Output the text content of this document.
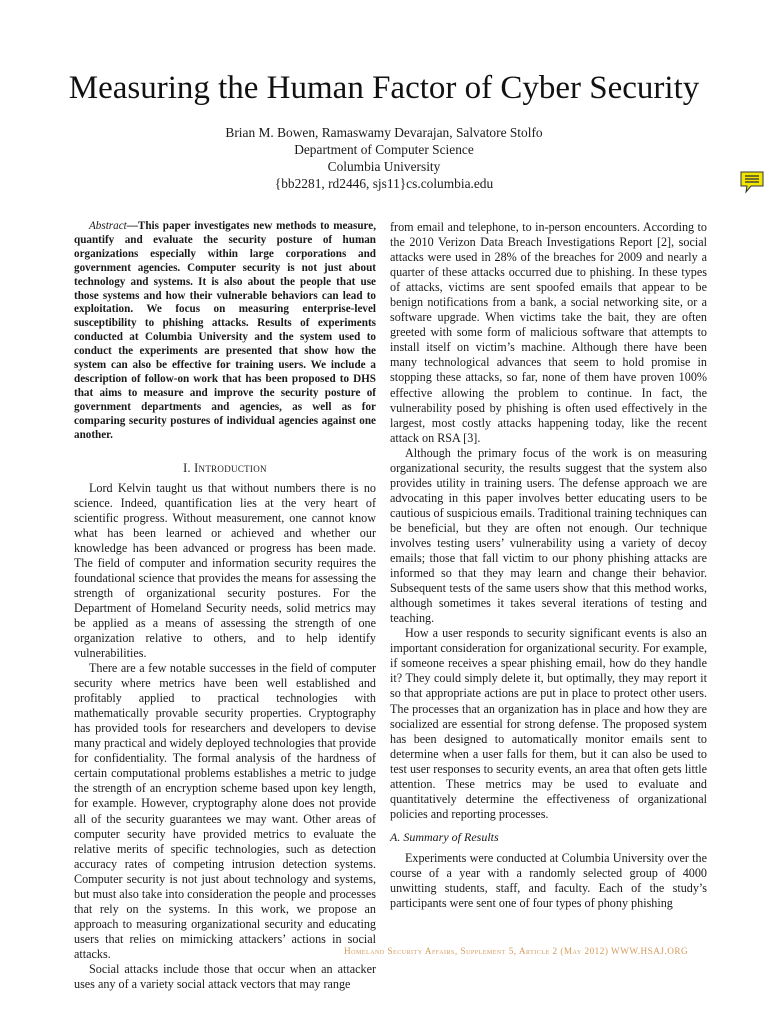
Measuring the Human Factor of Cyber Security
Brian M. Bowen, Ramaswamy Devarajan, Salvatore Stolfo
Department of Computer Science
Columbia University
{bb2281, rd2446, sjs11}cs.columbia.edu

Abstract—This paper investigates new methods to measure, quantify and evaluate the security posture of human organizations especially within large corporations and government agencies. Computer security is not just about technology and systems. It is also about the people that use those systems and how their vulnerable behaviors can lead to exploitation. We focus on measuring enterprise-level susceptibility to phishing attacks. Results of experiments conducted at Columbia University and the system used to conduct the experiments are presented that show how the system can also be effective for training users. We include a description of follow-on work that has been proposed to DHS that aims to measure and improve the security posture of government departments and agencies, as well as for comparing security postures of individual agencies against one another.

I. Introduction

Lord Kelvin taught us that without numbers there is no science. Indeed, quantification lies at the very heart of scientific progress. Without measurement, one cannot know what has been learned or achieved and whether our knowledge has been advanced or progress has been made. The field of computer and information security requires the foundational science that provides the means for assessing the strength of organizational security postures. For the Department of Homeland Security needs, solid metrics may be applied as a means of assessing the strength of one organization relative to others, and to help identify vulnerabilities.

There are a few notable successes in the field of computer security where metrics have been well established and profitably applied to practical technologies with mathematically provable security properties. Cryptography has provided tools for researchers and developers to devise many practical and widely deployed technologies that provide for confidentiality. The formal analysis of the hardness of certain computational problems establishes a metric to judge the strength of an encryption scheme based upon key length, for example. However, cryptography alone does not provide all of the security guarantees we may want. Other areas of computer security have provided metrics to evaluate the relative merits of specific technologies, such as detection accuracy rates of competing intrusion detection systems. Computer security is not just about technology and systems, but must also take into consideration the people and processes that rely on the systems. In this work, we propose an approach to measuring organizational security and educating users that relies on mimicking attackers’ actions in social attacks.

Social attacks include those that occur when an attacker uses any of a variety social attack vectors that may range

from email and telephone, to in-person encounters. According to the 2010 Verizon Data Breach Investigations Report [2], social attacks were used in 28% of the breaches for 2009 and nearly a quarter of these attacks occurred due to phishing. In these types of attacks, victims are sent spoofed emails that appear to be benign notifications from a bank, a social networking site, or a software upgrade. When victims take the bait, they are often greeted with some form of malicious software that attempts to install itself on victim’s machine. Although there have been many technological advances that seem to hold promise in stopping these attacks, so far, none of them have proven 100% effective allowing the problem to continue. In fact, the vulnerability posed by phishing is often used effectively in the largest, most costly attacks happening today, like the recent attack on RSA [3].

Although the primary focus of the work is on measuring organizational security, the results suggest that the system also provides utility in training users. The defense approach we are advocating in this paper involves better educating users to be cautious of suspicious emails. Traditional training techniques can be beneficial, but they are often not enough. Our technique involves testing users’ vulnerability using a variety of decoy emails; those that fall victim to our phony phishing attacks are informed so that they may learn and change their behavior. Subsequent tests of the same users show that this method works, although sometimes it takes several iterations of testing and teaching.

How a user responds to security significant events is also an important consideration for organizational security. For example, if someone receives a spear phishing email, how do they handle it? They could simply delete it, but optimally, they may report it so that appropriate actions are put in place to protect other users. The processes that an organization has in place and how they are socialized are essential for strong defense. The proposed system has been designed to automatically monitor emails sent to determine when a user falls for them, but it can also be used to test user responses to security events, an area that often gets little attention. These metrics may be used to evaluate and quantitatively determine the effectiveness of organizational policies and reporting processes.

A. Summary of Results

Experiments were conducted at Columbia University over the course of a year with a randomly selected group of 4000 unwitting students, staff, and faculty. Each of the study’s participants were sent one of four types of phony phishing

Homeland Security Affairs, Supplement 5, Article 2 (May 2012) WWW.HSAJ.ORG
